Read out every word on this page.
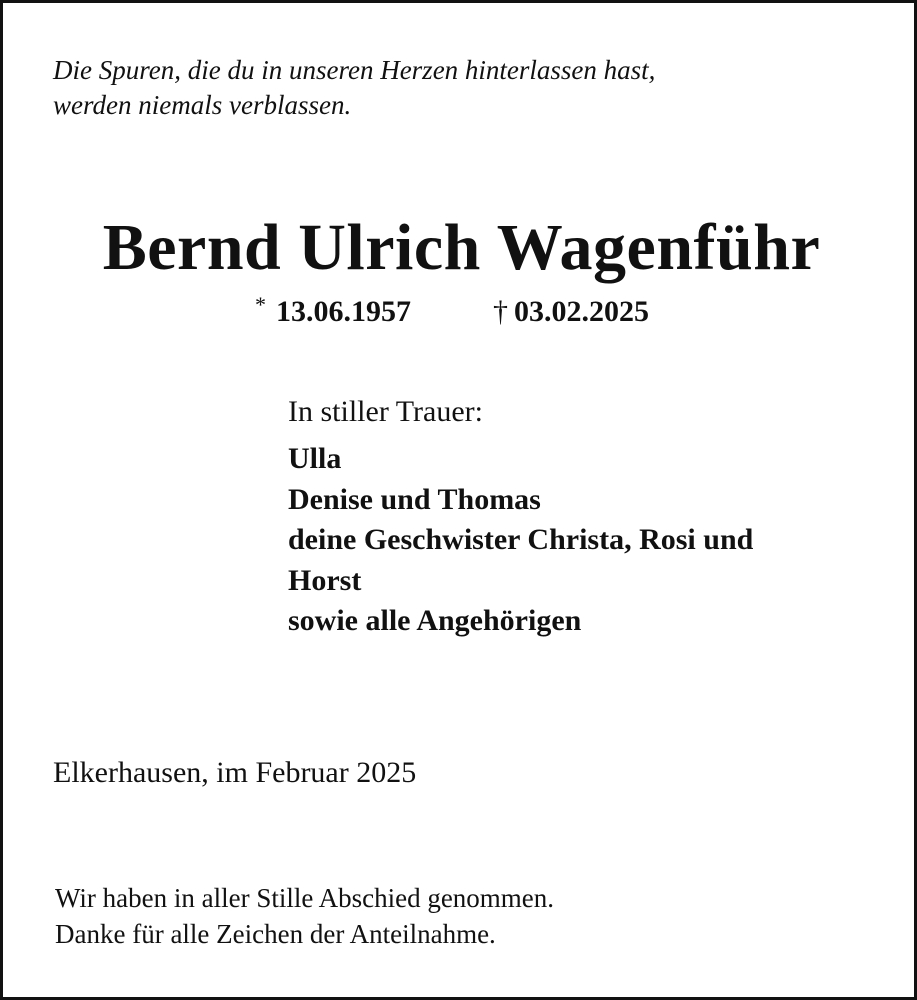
Die Spuren, die du in unseren Herzen hinterlassen hast,
werden niemals verblassen.
Bernd Ulrich Wagenführ
* 13.06.1957	† 03.02.2025
In stiller Trauer:
Ulla
Denise und Thomas
deine Geschwister Christa, Rosi und
Horst
sowie alle Angehörigen
Elkerhausen, im Februar 2025
Wir haben in aller Stille Abschied genommen.
Danke für alle Zeichen der Anteilnahme.
